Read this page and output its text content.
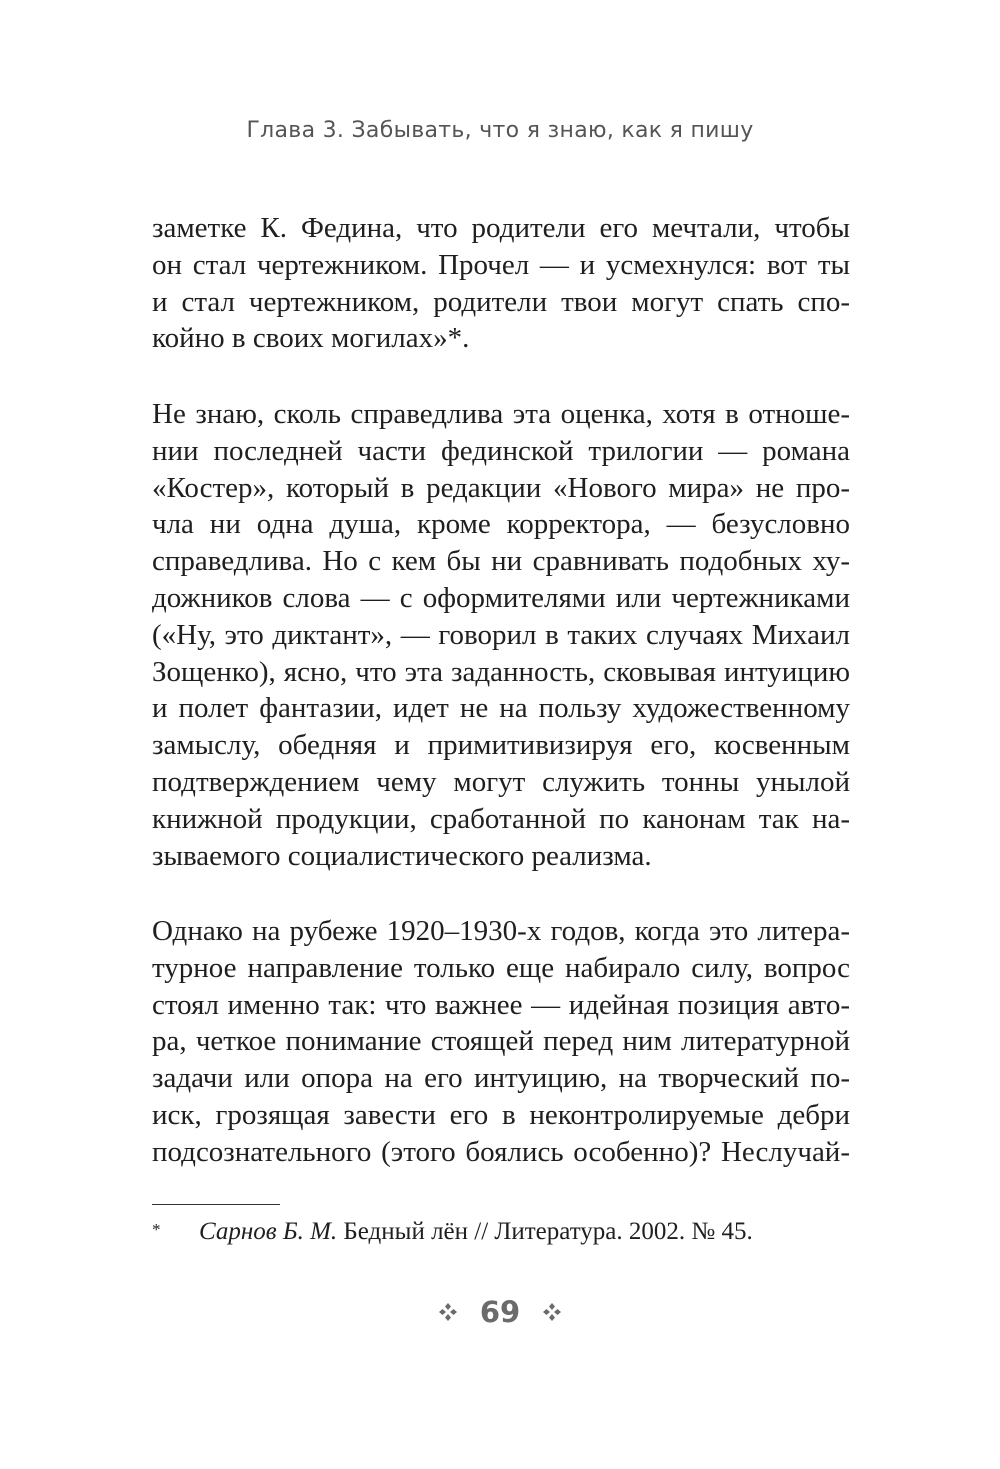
Глава 3. Забывать, что я знаю, как я пишу
заметке К. Федина, что родители его мечтали, чтобы
он стал чертежником. Прочел — и усмехнулся: вот ты
и стал чертежником, родители твои могут спать спо-
койно в своих могилах»*.
Не знаю, сколь справедлива эта оценка, хотя в отноше-
нии последней части фединской трилогии — романа
«Костер», который в редакции «Нового мира» не про-
чла ни одна душа, кроме корректора, — безусловно
справедлива. Но с кем бы ни сравнивать подобных ху-
дожников слова — с оформителями или чертежниками
(«Ну, это диктант», — говорил в таких случаях Михаил
Зощенко), ясно, что эта заданность, сковывая интуицию
и полет фантазии, идет не на пользу художественному
замыслу, обедняя и примитивизируя его, косвенным
подтверждением чему могут служить тонны унылой
книжной продукции, сработанной по канонам так на-
зываемого социалистического реализма.
Однако на рубеже 1920–1930-х годов, когда это литера-
турное направление только еще набирало силу, вопрос
стоял именно так: что важнее — идейная позиция авто-
ра, четкое понимание стоящей перед ним литературной
задачи или опора на его интуицию, на творческий по-
иск, грозящая завести его в неконтролируемые дебри
подсознательного (этого боялись особенно)? Неслучай-
* Сарнов Б. М. Бедный лён // Литература. 2002. № 45.
69
